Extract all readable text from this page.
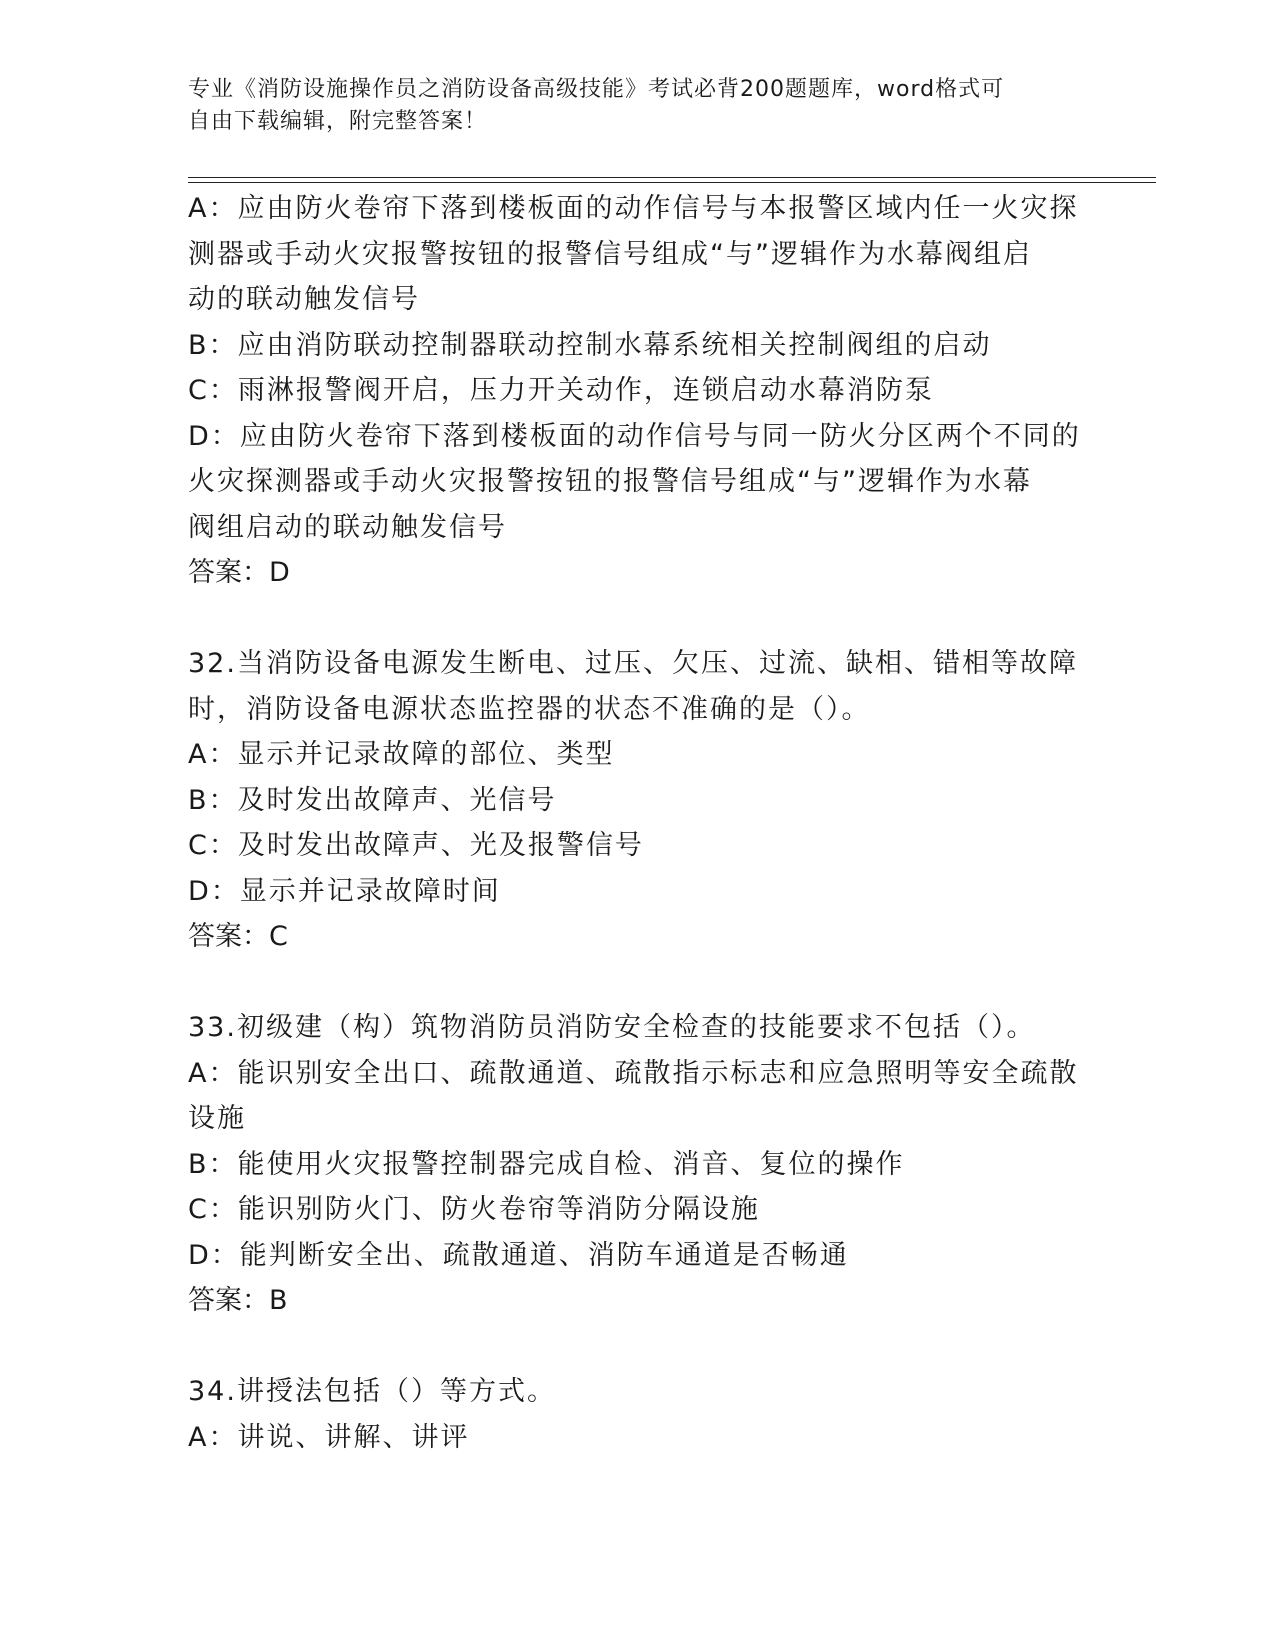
专业《消防设施操作员之消防设备高级技能》考试必背200题题库，word格式可
自由下载编辑，附完整答案！
A：应由防火卷帘下落到楼板面的动作信号与本报警区域内任一火灾探
测器或手动火灾报警按钮的报警信号组成“与”逻辑作为水幕阀组启
动的联动触发信号
B：应由消防联动控制器联动控制水幕系统相关控制阀组的启动
C：雨淋报警阀开启，压力开关动作，连锁启动水幕消防泵
D：应由防火卷帘下落到楼板面的动作信号与同一防火分区两个不同的
火灾探测器或手动火灾报警按钮的报警信号组成“与”逻辑作为水幕
阀组启动的联动触发信号
答案：D
32.当消防设备电源发生断电、过压、欠压、过流、缺相、错相等故障
时，消防设备电源状态监控器的状态不准确的是（）。
A：显示并记录故障的部位、类型
B：及时发出故障声、光信号
C：及时发出故障声、光及报警信号
D：显示并记录故障时间
答案：C
33.初级建（构）筑物消防员消防安全检查的技能要求不包括（）。
A：能识别安全出口、疏散通道、疏散指示标志和应急照明等安全疏散
设施
B：能使用火灾报警控制器完成自检、消音、复位的操作
C：能识别防火门、防火卷帘等消防分隔设施
D：能判断安全出、疏散通道、消防车通道是否畅通
答案：B
34.讲授法包括（）等方式。
A：讲说、讲解、讲评
